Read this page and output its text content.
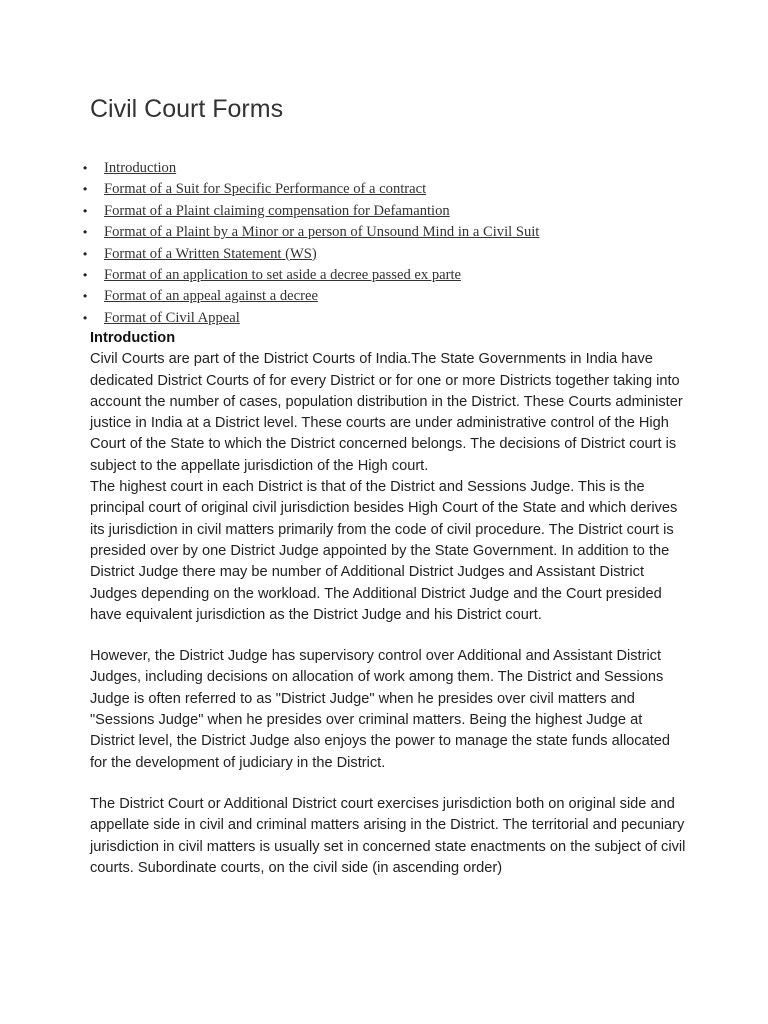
Civil Court Forms
• Introduction
• Format of a Suit for Specific Performance of a contract
• Format of a Plaint claiming compensation for Defamantion
• Format of a Plaint by a Minor or a person of Unsound Mind in a Civil Suit
• Format of a Written Statement (WS)
• Format of an application to set aside a decree passed ex parte
• Format of an appeal against a decree
• Format of Civil Appeal
Introduction

Civil Courts are part of the District Courts of India.The State Governments in India have dedicated District Courts of for every District or for one or more Districts together taking into account the number of cases, population distribution in the District. These Courts administer justice in India at a District level. These courts are under administrative control of the High Court of the State to which the District concerned belongs. The decisions of District court is subject to the appellate jurisdiction of the High court.

The highest court in each District is that of the District and Sessions Judge. This is the principal court of original civil jurisdiction besides High Court of the State and which derives its jurisdiction in civil matters primarily from the code of civil procedure. The District court is presided over by one District Judge appointed by the State Government. In addition to the District Judge there may be number of Additional District Judges and Assistant District Judges depending on the workload. The Additional District Judge and the Court presided have equivalent jurisdiction as the District Judge and his District court.

However, the District Judge has supervisory control over Additional and Assistant District Judges, including decisions on allocation of work among them. The District and Sessions Judge is often referred to as "District Judge" when he presides over civil matters and "Sessions Judge" when he presides over criminal matters. Being the highest Judge at District level, the District Judge also enjoys the power to manage the state funds allocated for the development of judiciary in the District.

The District Court or Additional District court exercises jurisdiction both on original side and appellate side in civil and criminal matters arising in the District. The territorial and pecuniary jurisdiction in civil matters is usually set in concerned state enactments on the subject of civil courts. Subordinate courts, on the civil side (in ascending order)
